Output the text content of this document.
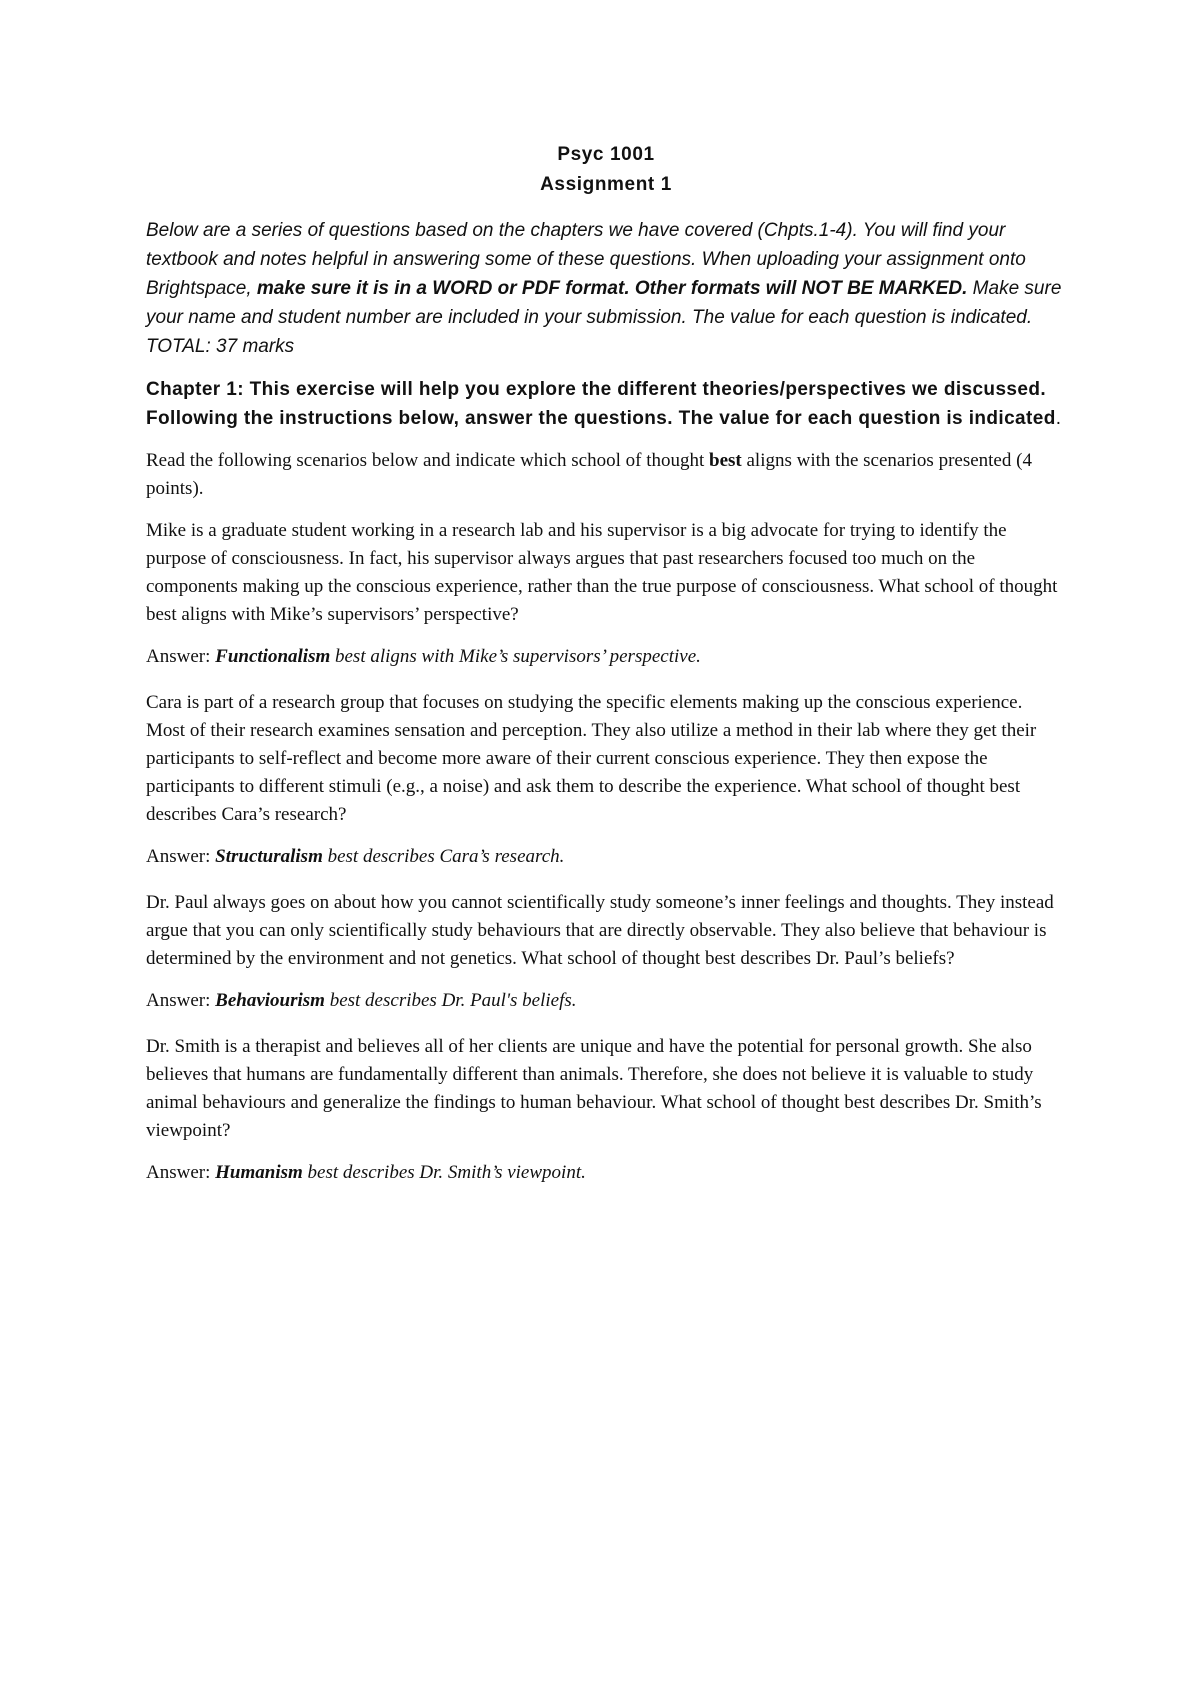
Psyc 1001
Assignment 1

Below are a series of questions based on the chapters we have covered (Chpts.1-4). You will find your textbook and notes helpful in answering some of these questions. When uploading your assignment onto Brightspace, make sure it is in a WORD or PDF format. Other formats will NOT BE MARKED. Make sure your name and student number are included in your submission. The value for each question is indicated. TOTAL: 37 marks

Chapter 1: This exercise will help you explore the different theories/perspectives we discussed. Following the instructions below, answer the questions. The value for each question is indicated.

Read the following scenarios below and indicate which school of thought best aligns with the scenarios presented (4 points).

Mike is a graduate student working in a research lab and his supervisor is a big advocate for trying to identify the purpose of consciousness. In fact, his supervisor always argues that past researchers focused too much on the components making up the conscious experience, rather than the true purpose of consciousness. What school of thought best aligns with Mike’s supervisors’ perspective?

Answer: Functionalism best aligns with Mike’s supervisors’ perspective.

Cara is part of a research group that focuses on studying the specific elements making up the conscious experience. Most of their research examines sensation and perception. They also utilize a method in their lab where they get their participants to self-reflect and become more aware of their current conscious experience. They then expose the participants to different stimuli (e.g., a noise) and ask them to describe the experience. What school of thought best describes Cara’s research?

Answer: Structuralism best describes Cara’s research.

Dr. Paul always goes on about how you cannot scientifically study someone’s inner feelings and thoughts. They instead argue that you can only scientifically study behaviours that are directly observable. They also believe that behaviour is determined by the environment and not genetics. What school of thought best describes Dr. Paul’s beliefs?

Answer: Behaviourism best describes Dr. Paul's beliefs.

Dr. Smith is a therapist and believes all of her clients are unique and have the potential for personal growth. She also believes that humans are fundamentally different than animals. Therefore, she does not believe it is valuable to study animal behaviours and generalize the findings to human behaviour. What school of thought best describes Dr. Smith’s viewpoint?

Answer: Humanism best describes Dr. Smith’s viewpoint.
